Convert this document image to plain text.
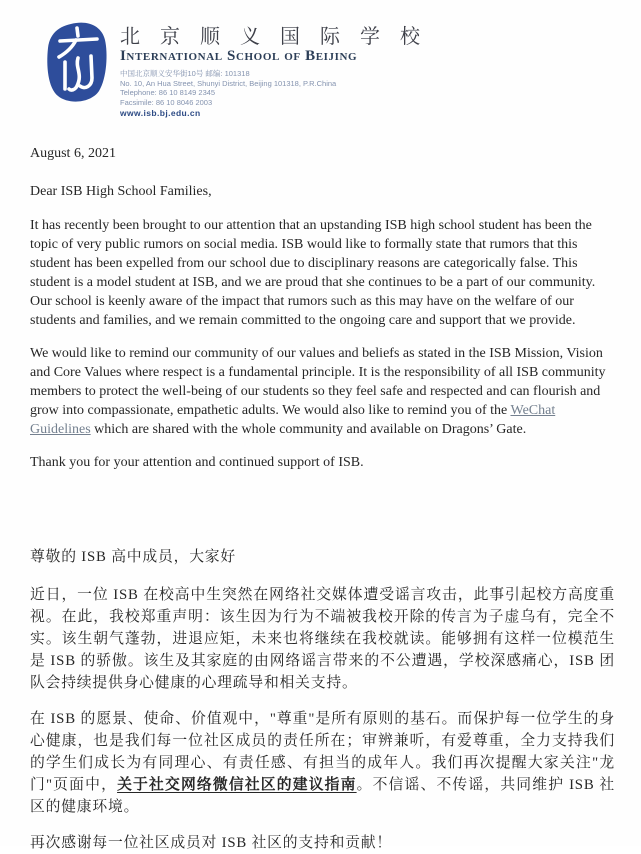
北 京 顺 义 国 际 学 校
International School of Beijing
中国北京顺义安华街10号 邮编: 101318
No. 10, An Hua Street, Shunyi District, Beijing 101318, P.R.China
Telephone: 86 10 8149 2345
Facsimile: 86 10 8046 2003
www.isb.bj.edu.cn

August 6, 2021

Dear ISB High School Families,

It has recently been brought to our attention that an upstanding ISB high school student has been the topic of very public rumors on social media. ISB would like to formally state that rumors that this student has been expelled from our school due to disciplinary reasons are categorically false. This student is a model student at ISB, and we are proud that she continues to be a part of our community. Our school is keenly aware of the impact that rumors such as this may have on the welfare of our students and families, and we remain committed to the ongoing care and support that we provide.

We would like to remind our community of our values and beliefs as stated in the ISB Mission, Vision and Core Values where respect is a fundamental principle. It is the responsibility of all ISB community members to protect the well-being of our students so they feel safe and respected and can flourish and grow into compassionate, empathetic adults. We would also like to remind you of the WeChat Guidelines which are shared with the whole community and available on Dragons’ Gate.

Thank you for your attention and continued support of ISB.

尊敬的 ISB 高中成员，大家好

近日，一位 ISB 在校高中生突然在网络社交媒体遭受谣言攻击，此事引起校方高度重视。在此，我校郑重声明：该生因为行为不端被我校开除的传言为子虚乌有，完全不实。该生朝气蓬勃，进退应矩，未来也将继续在我校就读。能够拥有这样一位模范生是 ISB 的骄傲。该生及其家庭的由网络谣言带来的不公遭遇，学校深感痛心，ISB 团队会持续提供身心健康的心理疏导和相关支持。

在 ISB 的愿景、使命、价值观中，"尊重"是所有原则的基石。而保护每一位学生的身心健康，也是我们每一位社区成员的责任所在；审辨兼听，有爱尊重，全力支持我们的学生们成长为有同理心、有责任感、有担当的成年人。我们再次提醒大家关注"龙门"页面中，关于社交网络微信社区的建议指南。不信谣、不传谣，共同维护 ISB 社区的健康环境。

再次感谢每一位社区成员对 ISB 社区的支持和贡献！
